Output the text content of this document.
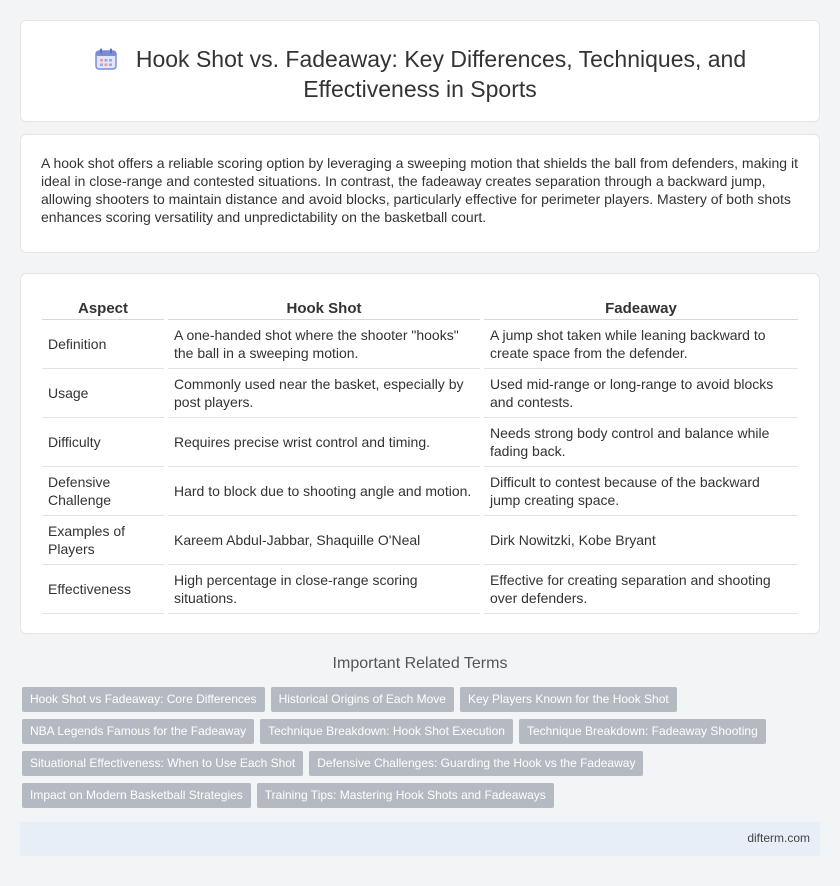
Hook Shot vs. Fadeaway: Key Differences, Techniques, and
Effectiveness in Sports

A hook shot offers a reliable scoring option by leveraging a sweeping motion that shields the ball from defenders, making it ideal in close-range and contested situations. In contrast, the fadeaway creates separation through a backward jump, allowing shooters to maintain distance and avoid blocks, particularly effective for perimeter players. Mastery of both shots enhances scoring versatility and unpredictability on the basketball court.

Aspect	Hook Shot	Fadeaway
Definition	A one-handed shot where the shooter "hooks" the ball in a sweeping motion.	A jump shot taken while leaning backward to create space from the defender.
Usage	Commonly used near the basket, especially by post players.	Used mid-range or long-range to avoid blocks and contests.
Difficulty	Requires precise wrist control and timing.	Needs strong body control and balance while fading back.
Defensive Challenge	Hard to block due to shooting angle and motion.	Difficult to contest because of the backward jump creating space.
Examples of Players	Kareem Abdul-Jabbar, Shaquille O'Neal	Dirk Nowitzki, Kobe Bryant
Effectiveness	High percentage in close-range scoring situations.	Effective for creating separation and shooting over defenders.
Important Related Terms
Hook Shot vs Fadeaway: Core Differences	Historical Origins of Each Move	Key Players Known for the Hook Shot
NBA Legends Famous for the Fadeaway	Technique Breakdown: Hook Shot Execution	Technique Breakdown: Fadeaway Shooting
Situational Effectiveness: When to Use Each Shot	Defensive Challenges: Guarding the Hook vs the Fadeaway
Impact on Modern Basketball Strategies	Training Tips: Mastering Hook Shots and Fadeaways
difterm.com
